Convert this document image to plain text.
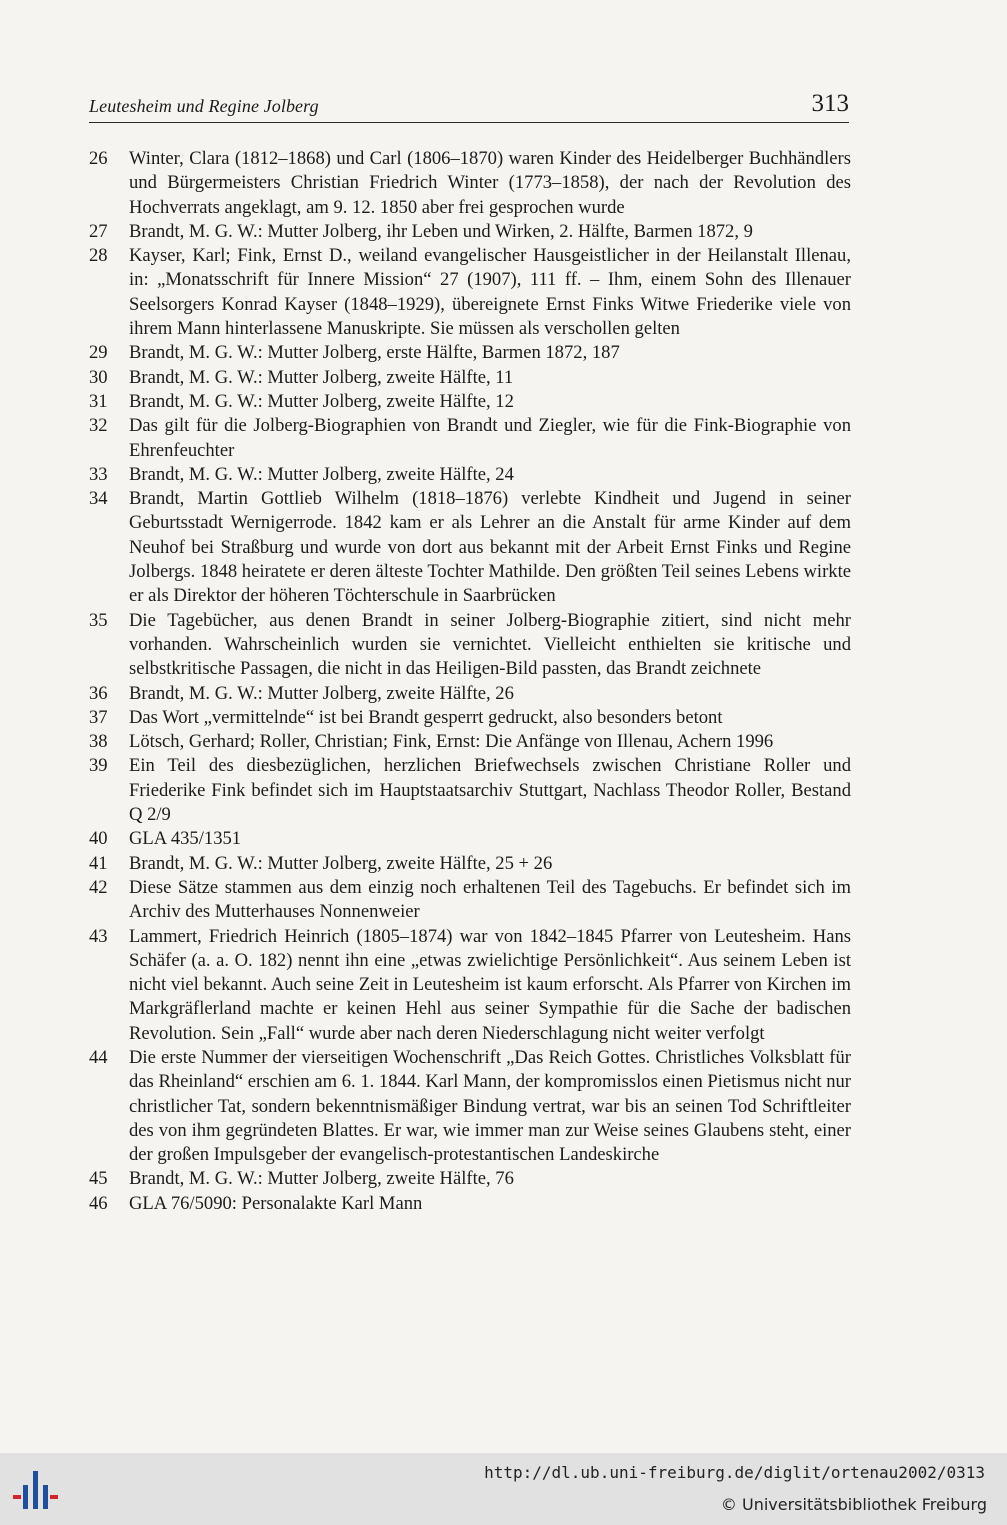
Leutesheim und Regine Jolberg	313
26	Winter, Clara (1812–1868) und Carl (1806–1870) waren Kinder des Heidelberger Buchhändlers und Bürgermeisters Christian Friedrich Winter (1773–1858), der nach der Revolution des Hochverrats angeklagt, am 9. 12. 1850 aber frei gesprochen wurde
27	Brandt, M. G. W.: Mutter Jolberg, ihr Leben und Wirken, 2. Hälfte, Barmen 1872, 9
28	Kayser, Karl; Fink, Ernst D., weiland evangelischer Hausgeistlicher in der Heilanstalt Illenau, in: „Monatsschrift für Innere Mission“ 27 (1907), 111 ff. – Ihm, einem Sohn des Illenauer Seelsorgers Konrad Kayser (1848–1929), übereignete Ernst Finks Witwe Friederike viele von ihrem Mann hinterlassene Manuskripte. Sie müssen als verschollen gelten
29	Brandt, M. G. W.: Mutter Jolberg, erste Hälfte, Barmen 1872, 187
30	Brandt, M. G. W.: Mutter Jolberg, zweite Hälfte, 11
31	Brandt, M. G. W.: Mutter Jolberg, zweite Hälfte, 12
32	Das gilt für die Jolberg-Biographien von Brandt und Ziegler, wie für die Fink-Biographie von Ehrenfeuchter
33	Brandt, M. G. W.: Mutter Jolberg, zweite Hälfte, 24
34	Brandt, Martin Gottlieb Wilhelm (1818–1876) verlebte Kindheit und Jugend in seiner Geburtsstadt Wernigerrode. 1842 kam er als Lehrer an die Anstalt für arme Kinder auf dem Neuhof bei Straßburg und wurde von dort aus bekannt mit der Arbeit Ernst Finks und Regine Jolbergs. 1848 heiratete er deren älteste Tochter Mathilde. Den größten Teil seines Lebens wirkte er als Direktor der höheren Töchterschule in Saarbrücken
35	Die Tagebücher, aus denen Brandt in seiner Jolberg-Biographie zitiert, sind nicht mehr vorhanden. Wahrscheinlich wurden sie vernichtet. Vielleicht enthielten sie kritische und selbstkritische Passagen, die nicht in das Heiligen-Bild passten, das Brandt zeichnete
36	Brandt, M. G. W.: Mutter Jolberg, zweite Hälfte, 26
37	Das Wort „vermittelnde“ ist bei Brandt gesperrt gedruckt, also besonders betont
38	Lötsch, Gerhard; Roller, Christian; Fink, Ernst: Die Anfänge von Illenau, Achern 1996
39	Ein Teil des diesbezüglichen, herzlichen Briefwechsels zwischen Christiane Roller und Friederike Fink befindet sich im Hauptstaatsarchiv Stuttgart, Nachlass Theodor Roller, Bestand Q 2/9
40	GLA 435/1351
41	Brandt, M. G. W.: Mutter Jolberg, zweite Hälfte, 25 + 26
42	Diese Sätze stammen aus dem einzig noch erhaltenen Teil des Tagebuchs. Er befindet sich im Archiv des Mutterhauses Nonnenweier
43	Lammert, Friedrich Heinrich (1805–1874) war von 1842–1845 Pfarrer von Leutesheim. Hans Schäfer (a. a. O. 182) nennt ihn eine „etwas zwielichtige Persönlichkeit“. Aus seinem Leben ist nicht viel bekannt. Auch seine Zeit in Leutesheim ist kaum erforscht. Als Pfarrer von Kirchen im Markgräflerland machte er keinen Hehl aus seiner Sympathie für die Sache der badischen Revolution. Sein „Fall“ wurde aber nach deren Niederschlagung nicht weiter verfolgt
44	Die erste Nummer der vierseitigen Wochenschrift „Das Reich Gottes. Christliches Volksblatt für das Rheinland“ erschien am 6. 1. 1844. Karl Mann, der kompromisslos einen Pietismus nicht nur christlicher Tat, sondern bekenntnismäßiger Bindung vertrat, war bis an seinen Tod Schriftleiter des von ihm gegründeten Blattes. Er war, wie immer man zur Weise seines Glaubens steht, einer der großen Impulsgeber der evangelisch-protestantischen Landeskirche
45	Brandt, M. G. W.: Mutter Jolberg, zweite Hälfte, 76
46	GLA 76/5090: Personalakte Karl Mann
http://dl.ub.uni-freiburg.de/diglit/ortenau2002/0313
© Universitätsbibliothek Freiburg
